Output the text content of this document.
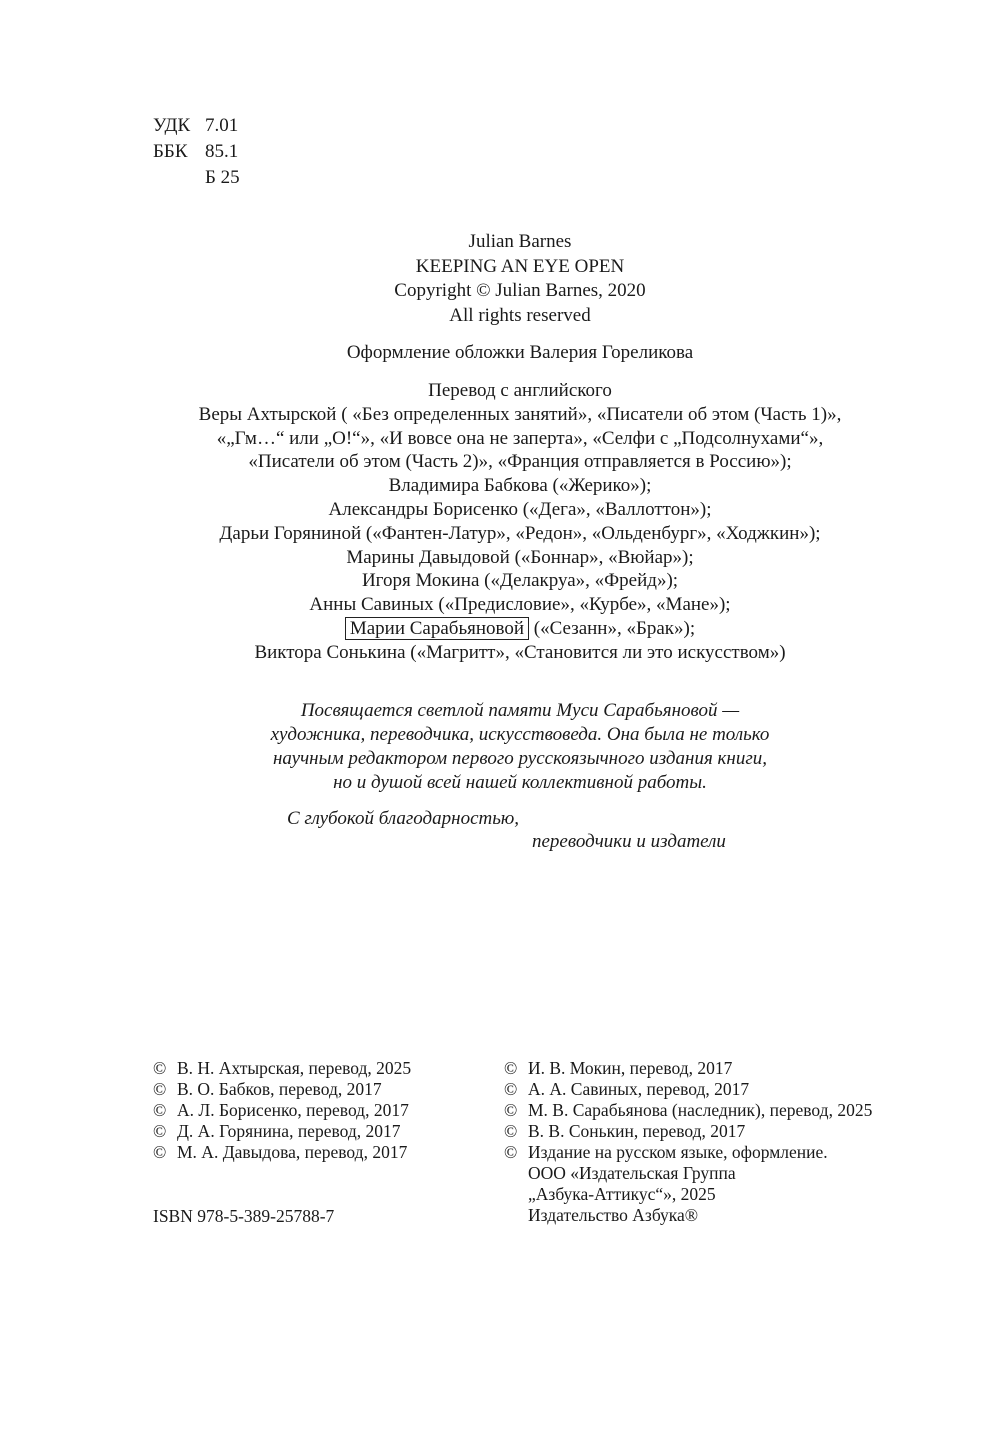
УДК 7.01
ББК 85.1
Б 25
Julian Barnes
KEEPING AN EYE OPEN
Copyright © Julian Barnes, 2020
All rights reserved
Оформление обложки Валерия Гореликова
Перевод с английского
Веры Ахтырской ( «Без определенных занятий», «Писатели об этом (Часть 1)»,
«„Гм…“ или „О!“», «И вовсе она не заперта», «Селфи с „Подсолнухами“»,
«Писатели об этом (Часть 2)», «Франция отправляется в Россию»);
Владимира Бабкова («Жерико»);
Александры Борисенко («Дега», «Валлоттон»);
Дарьи Горяниной («Фантен-Латур», «Редон», «Ольденбург», «Ходжкин»);
Марины Давыдовой («Боннар», «Вюйар»);
Игоря Мокина («Делакруа», «Фрейд»);
Анны Савиных («Предисловие», «Курбе», «Мане»);
Марии Сарабьяновой («Сезанн», «Брак»);
Виктора Сонькина («Магритт», «Становится ли это искусством»)
Посвящается светлой памяти Муси Сарабьяновой —
художника, переводчика, искусствоведа. Она была не только
научным редактором первого русскоязычного издания книги,
но и душой всей нашей коллективной работы.
С глубокой благодарностью,
переводчики и издатели
© В. Н. Ахтырская, перевод, 2025
© В. О. Бабков, перевод, 2017
© А. Л. Борисенко, перевод, 2017
© Д. А. Горянина, перевод, 2017
© М. А. Давыдова, перевод, 2017
© И. В. Мокин, перевод, 2017
© А. А. Савиных, перевод, 2017
© М. В. Сарабьянова (наследник), перевод, 2025
© В. В. Сонькин, перевод, 2017
© Издание на русском языке, оформление.
ООО «Издательская Группа
„Азбука-Аттикус“», 2025
Издательство Азбука®
ISBN 978-5-389-25788-7
